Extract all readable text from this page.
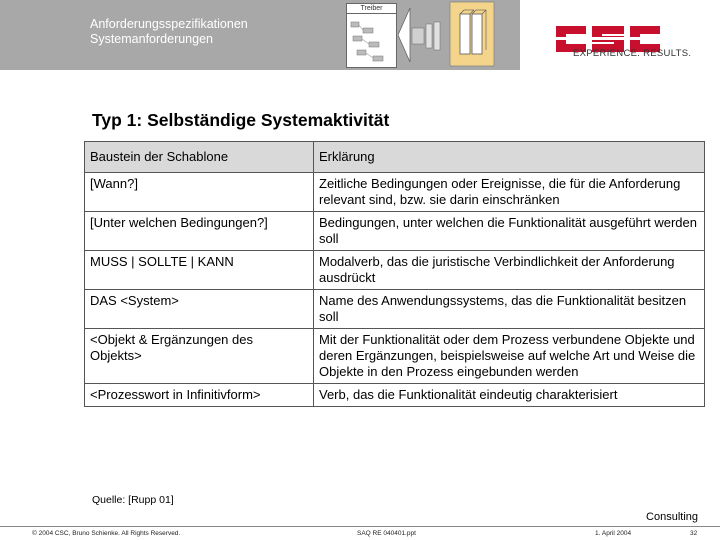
Anforderungsspezifikationen
Systemanforderungen
Treiber
EXPERIENCE. RESULTS.
Typ 1: Selbständige Systemaktivität
Baustein der Schablone	Erklärung
[Wann?]	Zeitliche Bedingungen oder Ereignisse, die für die Anforderung relevant sind, bzw. sie darin einschränken
[Unter welchen Bedingungen?]	Bedingungen, unter welchen die Funktionalität ausgeführt werden soll
MUSS | SOLLTE | KANN	Modalverb, das die juristische Verbindlichkeit der Anforderung ausdrückt
DAS <System>	Name des Anwendungssystems, das die Funktionalität besitzen soll
<Objekt & Ergänzungen des Objekts>	Mit der Funktionalität oder dem Prozess verbundene Objekte und deren Ergänzungen, beispielsweise auf welche Art und Weise die Objekte in den Prozess eingebunden werden
<Prozesswort in Infinitivform>	Verb, das die Funktionalität eindeutig charakterisiert
Quelle: [Rupp 01]
Consulting
© 2004 CSC, Bruno Schienke. All Rights Reserved.	SAQ RE 040401.ppt	1. April 2004	32
